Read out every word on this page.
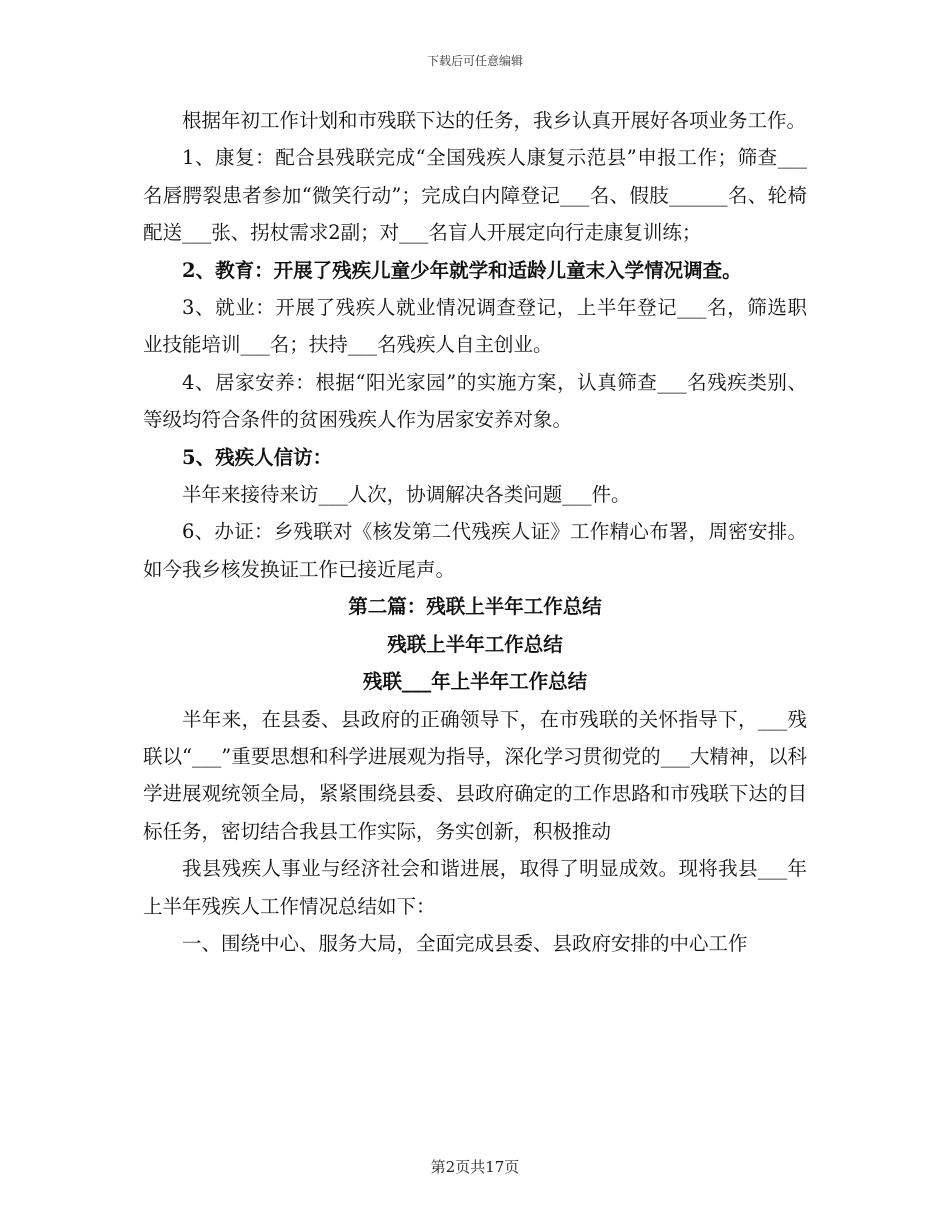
下载后可任意编辑

根据年初工作计划和市残联下达的任务，我乡认真开展好各项业务工作。

1、康复：配合县残联完成“全国残疾人康复示范县”申报工作；筛查___名唇腭裂患者参加“微笑行动”；完成白内障登记___名、假肢______名、轮椅配送___张、拐杖需求2副；对___名盲人开展定向行走康复训练；

2、教育：开展了残疾儿童少年就学和适龄儿童末入学情况调查。

3、就业：开展了残疾人就业情况调查登记，上半年登记___名，筛选职业技能培训___名；扶持___名残疾人自主创业。

4、居家安养：根据“阳光家园”的实施方案，认真筛查___名残疾类别、等级均符合条件的贫困残疾人作为居家安养对象。

5、残疾人信访：

半年来接待来访___人次，协调解决各类问题___件。

6、办证：乡残联对《核发第二代残疾人证》工作精心布署，周密安排。如今我乡核发换证工作已接近尾声。

第二篇：残联上半年工作总结

残联上半年工作总结

残联___年上半年工作总结

半年来，在县委、县政府的正确领导下，在市残联的关怀指导下，___残联以“___”重要思想和科学进展观为指导，深化学习贯彻党的___大精神，以科学进展观统领全局，紧紧围绕县委、县政府确定的工作思路和市残联下达的目标任务，密切结合我县工作实际，务实创新，积极推动

我县残疾人事业与经济社会和谐进展，取得了明显成效。现将我县___年上半年残疾人工作情况总结如下：

一、围绕中心、服务大局，全面完成县委、县政府安排的中心工作

第2页共17页
